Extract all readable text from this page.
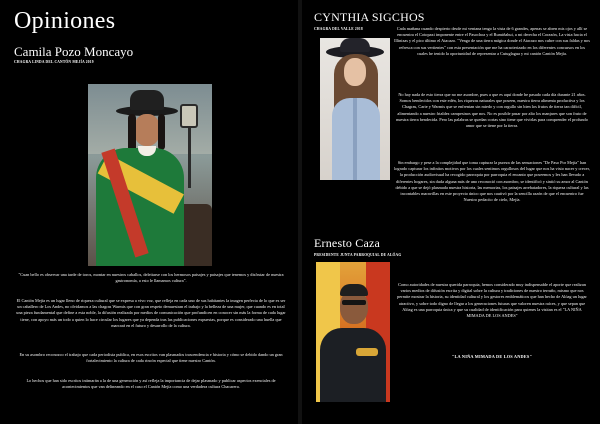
Opiniones
Camila Pozo Moncayo
CHAGRA LINDA DEL CANTÓN MEJÍA 2019

"Cuan bello es observar una tarde de toros, montar en nuestros caballos, deleitarse con los hermosos paisajes y paisajes que tenemos y disfrutar de nuestra gastronomía, a esto le llamamos cultura".

El Cantón Mejía es un lugar lleno de riqueza cultural que se expresa a vivo voz, que refleja en cada uno de sus habitantes la imagen perfecta de lo que es ser un caballero de Los Andes, no olvidamos a las chagras Warmis que con gran respeto demuestran el trabajo y la belleza de una mujer, que cuando es en total una pieza fundamental que define a esta noble, la difusión realizada por medios de comunicación que profundicen en conocer sin más la forma de cada lugar tiene, con apoyo más un todo a quien lo hace circular los lugares que ya dependa tras las publicaciones expuestas, porque es considerado una huella que marcará en el futuro y desarrollo de la cultura.

En su asombro reconozco el trabajo que cada periodista publica, en esos escritos van plasmados trascendencia e historia y cómo se debido dando un gran fortalecimiento la cultura de cada rincón especial que tiene nuestro Cantón.

Lo hechos que han sido escritos intimarán a la de una generación y así refleja la importancia de dejar plasmado y publicar aspectos exenciales de acontecimientos que van delineando en el caso el Cantón Mejía como una verdadera cultura Chacarera.

CYNTHIA SIGCHOS
CHAGRA DEL VALLE 2018	Cada mañana cuando despierto desde mi ventana tengo la vista de 6 grandes, apenas se abren mis ojos y allí se encuentra el Cotopaxi imponente entre el Pasochoa y el Rumiñahui, a mi derecha el Corazón, La vista hacia el Illinizas y el pico último el Atacazo. "Vengo de una tierra mágica donde el Atacazo nos cubre con sus faldas y nos refresca con sus vertientes" con esta presentación que me ha caracterizado en los diferentes concursos en los cuales he tenido la oportunidad de representar a Cutuglagua y mi cantón Cantón Mejía.

No hay nada de esto tierra que no me asombre, pues a que es aquí donde he pasado cada día durante 21 años. Somos bendecidos con este edén, los riquezas naturales que poseen, nuestra tierra alimenta productiva y los Chagras, Carie y Warmis que se enfrentan sin miedo y con orgullo sin bien los frutos de tierra tan difícil, alimentando a nuestro frialdez campesinos que nos. No es posible pasar por alto los manjares que son fruto de nuestra tierra bendecida. Pero las palabras se quedan cortas sino tiene que vivirlas para comprender el profundo amor que se tiene por la tierra.

Sin embargo y pese a la complejidad que toma capturar la pureza de las sensaciones "De Paso Por Mejía" han logrado capturar los infinitos motivos por los cuales sentimos orgullosos del lugar que nos ha visto nacer y crecer, la producción audiovisual ha recogido parroquia por parroquia el encanto que poseemos y les han llevado a diferentes hogares, sin duda alguna más de uno reconoció con asombro, se identificó y sintió su amor al Cantón debido a que se dejó plasmada nuestra historia, las memorias, los paisajes arrebatadores, la riqueza cultural y las incontables maravillas en este proyecto único que nos cautivó por la sencilla razón de que el encuentro fue Nuestro pedacito de cielo, Mejía.

Ernesto Caza
PRESIDENTE JUNTA PARROQUIAL DE ALÓAG

Como autoridades de nuestra querida parroquia, hemos considerado muy indispensable el aporte que realizan varios medios de difusión escrita y digital sobre la cultura y tradiciones de nuestro terruño, mismo que nos permite mostrar la historia, su identidad cultural y los gestores emblemáticos que han hecho de Alóag un lugar atractivo, y sobre todo digno de llegar a los generaciones futuras que valoren nuestra raíces, y que sepan que Alóag es una parroquia única y que su cualidad de identificación para quienes la visitan es el "LA NIÑA MIMADA DE LOS ANDES"

"LA NIÑA MIMADA DE LOS ANDES"
